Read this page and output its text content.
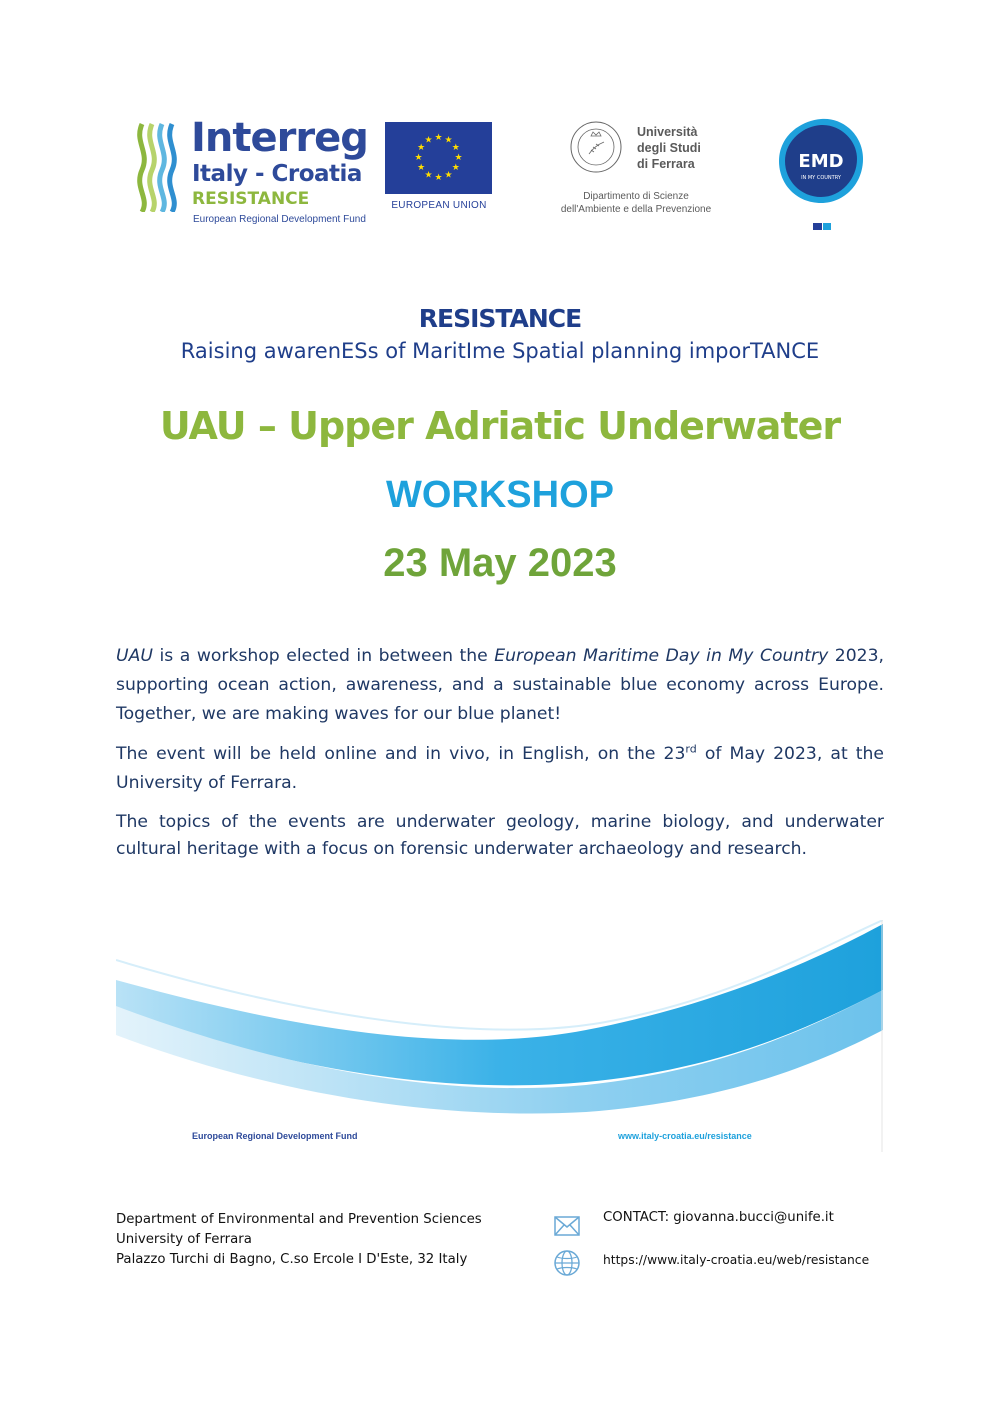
Interreg
Italy - Croatia
RESISTANCE
European Regional Development Fund
★ ★
★
★
★
★
★
★
★
★
★
★
EUROPEAN UNION
Università
degli Studi
di Ferrara
Dipartimento di Scienze
dell'Ambiente e della Prevenzione
EMD
IN MY COUNTRY
RESISTANCE
Raising awarenESs of MaritIme Spatial planning imporTANCE
UAU – Upper Adriatic Underwater
WORKSHOP
23 May 2023

UAU is a workshop elected in between the European Maritime Day in My Country 2023, supporting ocean action, awareness, and a sustainable blue economy across Europe. Together, we are making waves for our blue planet!

The event will be held online and in vivo, in English, on the 23rd of May 2023, at the University of Ferrara.

The topics of the events are underwater geology, marine biology, and underwater cultural heritage with a focus on forensic underwater archaeology and research.

European Regional Development Fund	www.italy-croatia.eu/resistance
Department of Environmental and Prevention Sciences
University of Ferrara
Palazzo Turchi di Bagno, C.so Ercole I D'Este, 32 Italy
CONTACT: giovanna.bucci@unife.it
https://www.italy-croatia.eu/web/resistance
